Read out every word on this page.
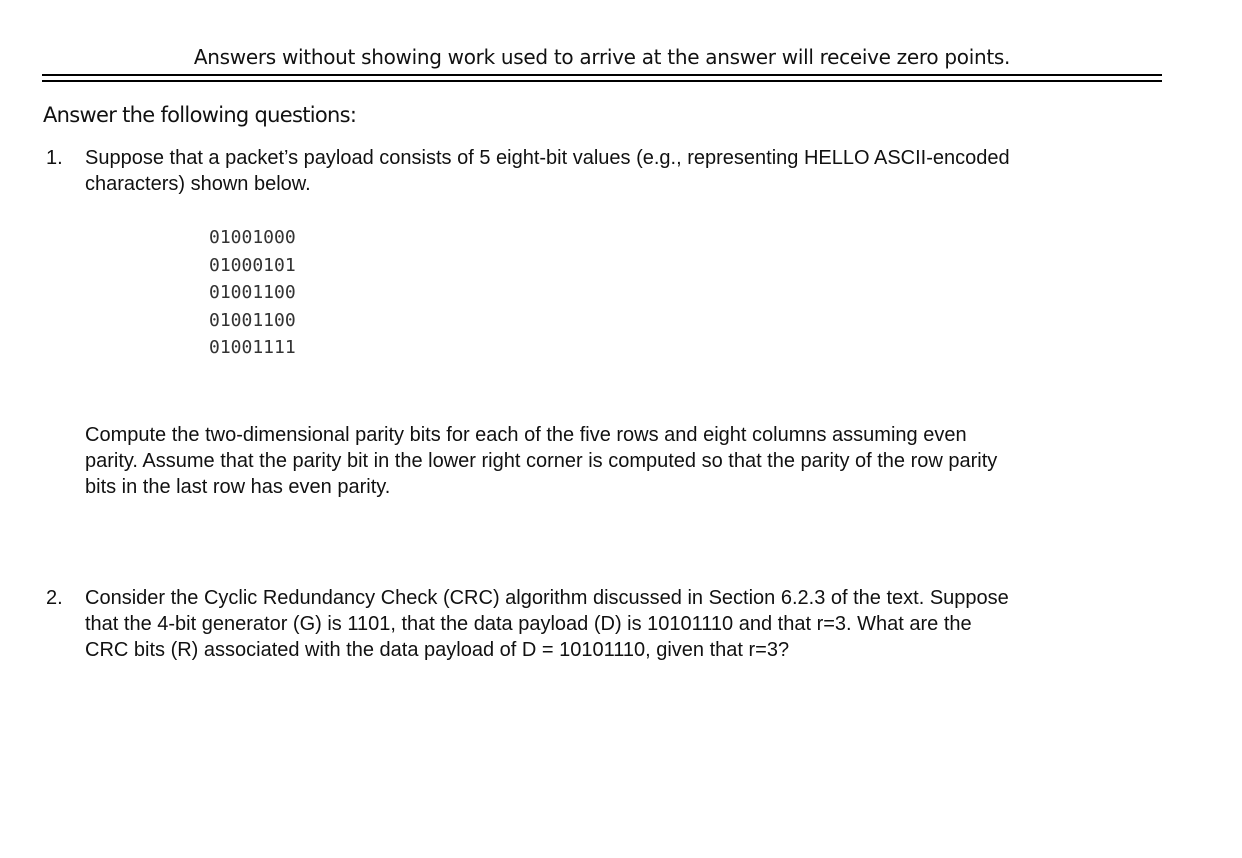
Answers without showing work used to arrive at the answer will receive zero points.
Answer the following questions:
1. Suppose that a packet’s payload consists of 5 eight-bit values (e.g., representing HELLO ASCII-encoded
characters) shown below.
01001000
01000101
01001100
01001100
01001111
Compute the two-dimensional parity bits for each of the five rows and eight columns assuming even
parity. Assume that the parity bit in the lower right corner is computed so that the parity of the row parity
bits in the last row has even parity.
2. Consider the Cyclic Redundancy Check (CRC) algorithm discussed in Section 6.2.3 of the text. Suppose
that the 4-bit generator (G) is 1101, that the data payload (D) is 10101110 and that r=3. What are the
CRC bits (R) associated with the data payload of D = 10101110, given that r=3?
